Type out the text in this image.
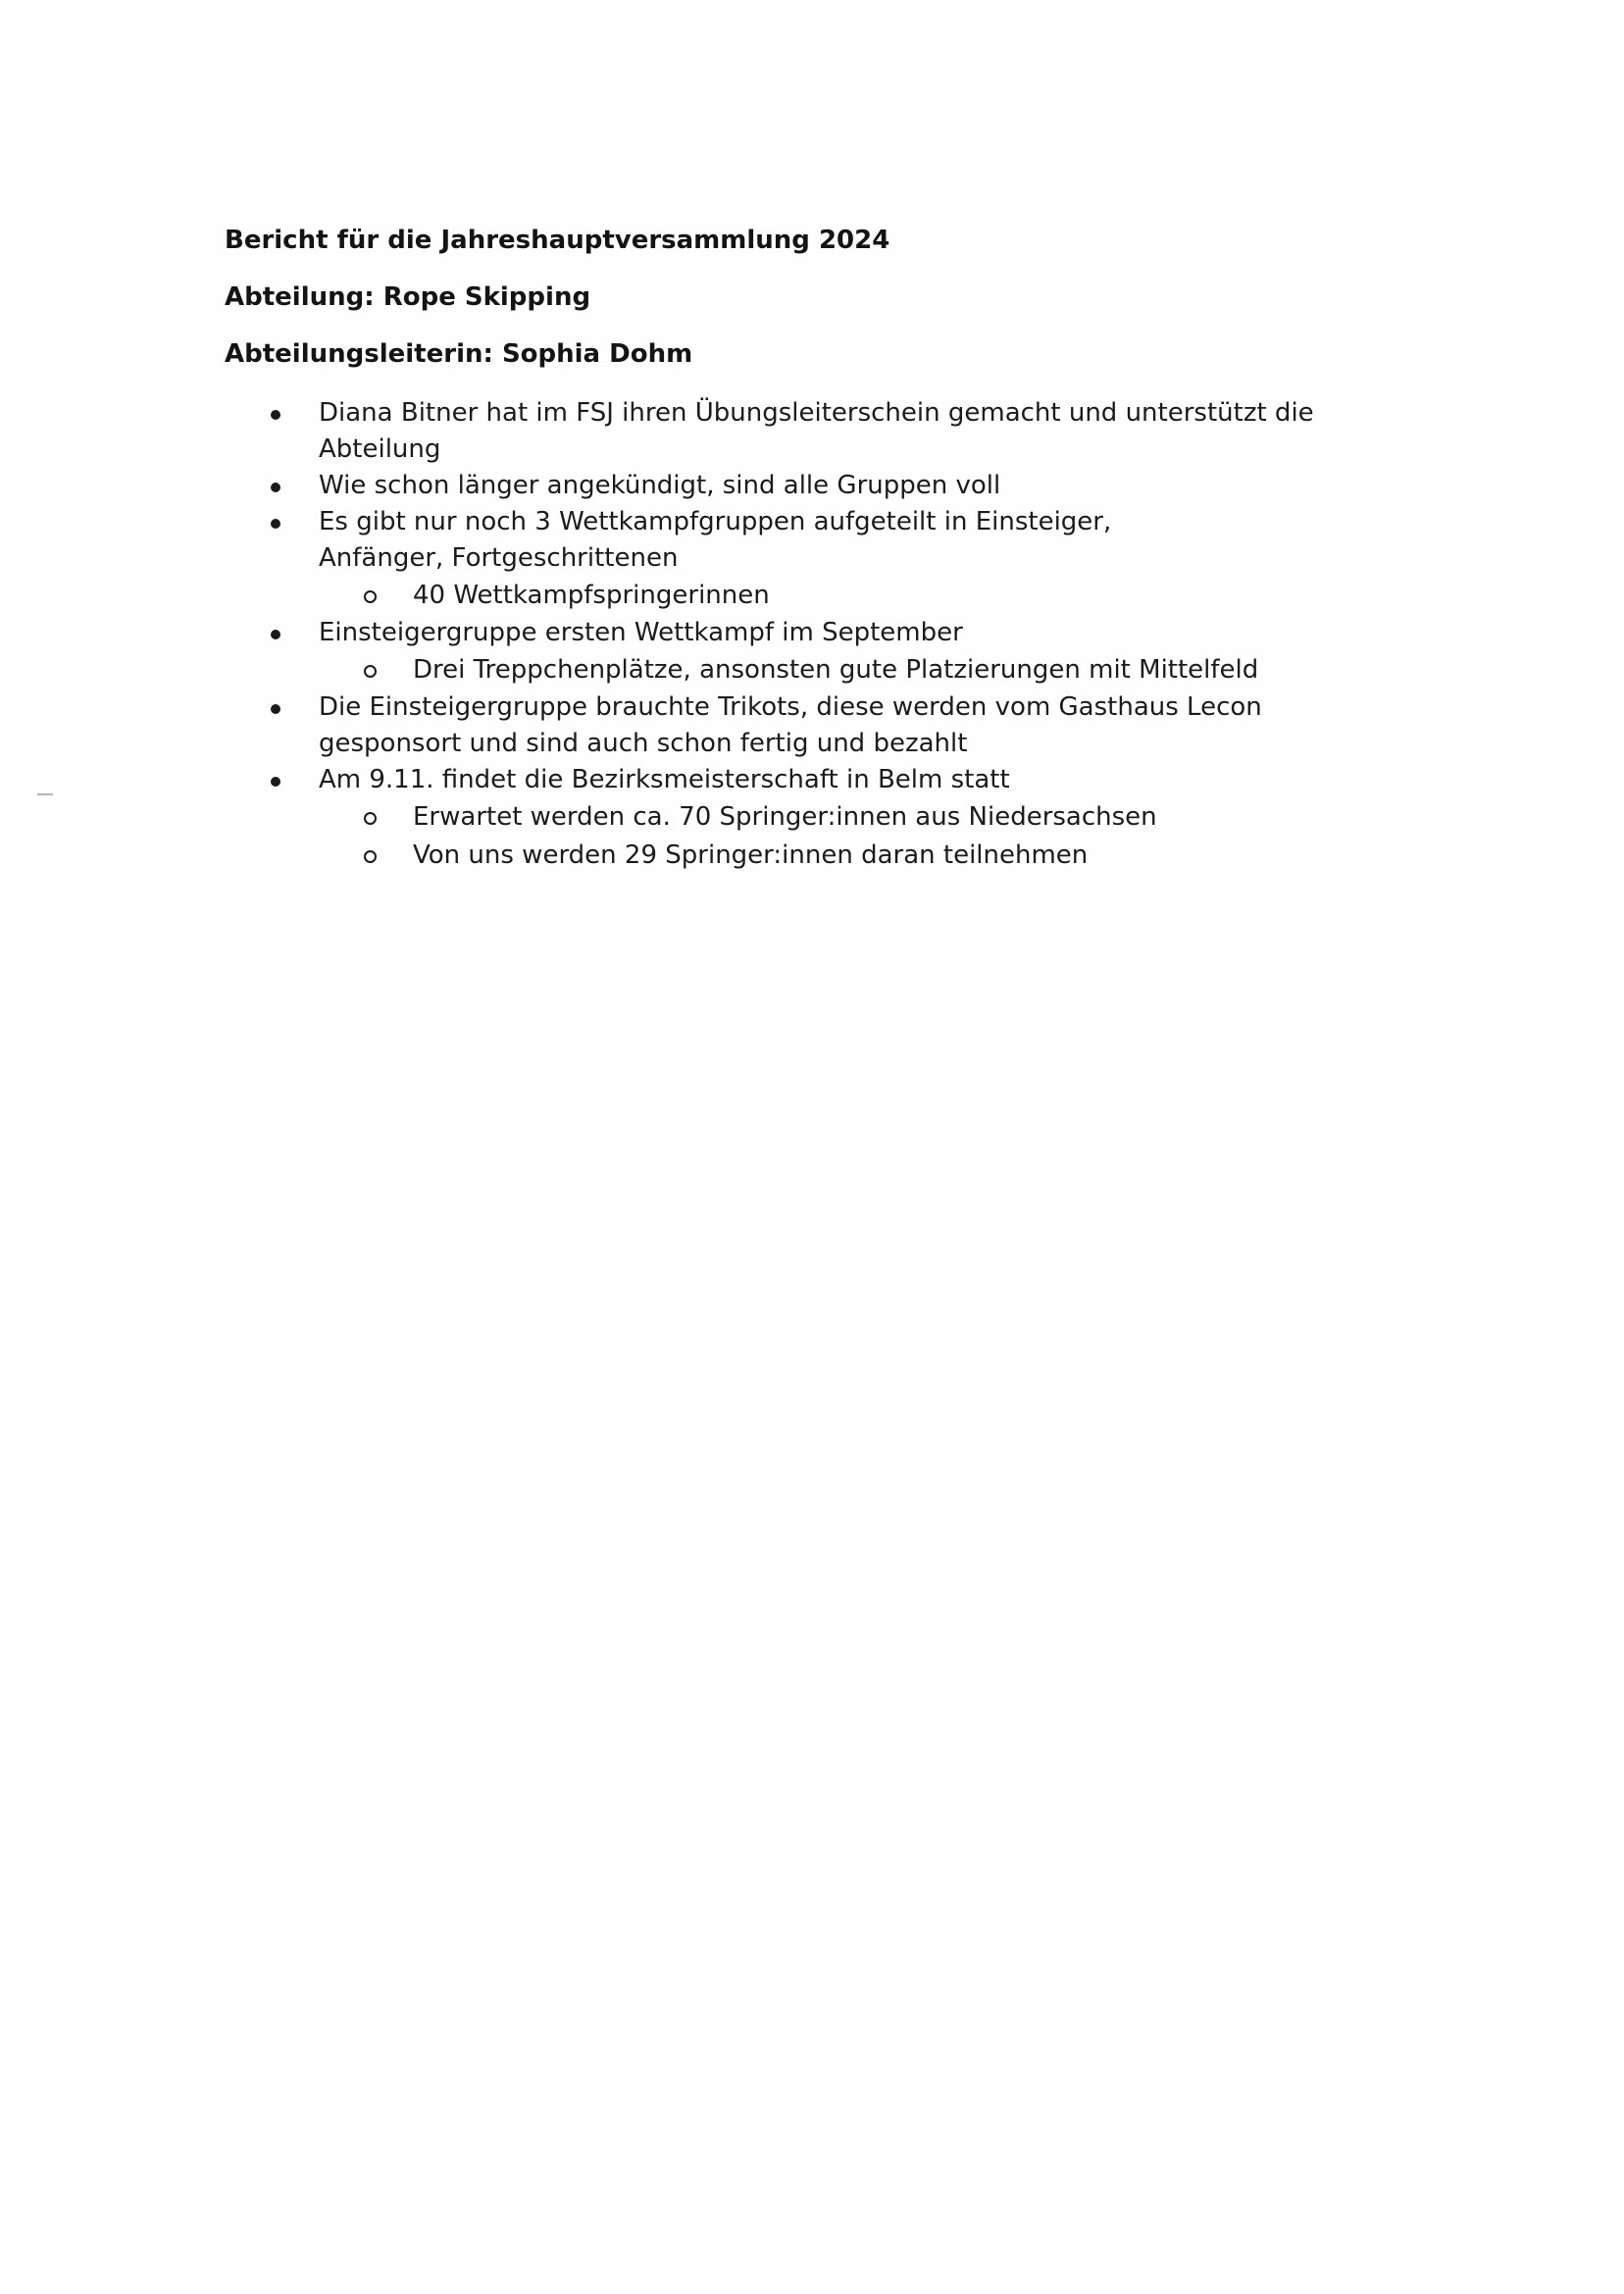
Bericht für die Jahreshauptversammlung 2024
Abteilung: Rope Skipping
Abteilungsleiterin: Sophia Dohm
Diana Bitner hat im FSJ ihren Übungsleiterschein gemacht und unterstützt die Abteilung
Wie schon länger angekündigt, sind alle Gruppen voll
Es gibt nur noch 3 Wettkampfgruppen aufgeteilt in Einsteiger, Anfänger, Fortgeschrittenen
40 Wettkampfspringerinnen
Einsteigergruppe ersten Wettkampf im September
Drei Treppchenplätze, ansonsten gute Platzierungen mit Mittelfeld
Die Einsteigergruppe brauchte Trikots, diese werden vom Gasthaus Lecon gesponsort und sind auch schon fertig und bezahlt
Am 9.11. findet die Bezirksmeisterschaft in Belm statt
Erwartet werden ca. 70 Springer:innen aus Niedersachsen
Von uns werden 29 Springer:innen daran teilnehmen
